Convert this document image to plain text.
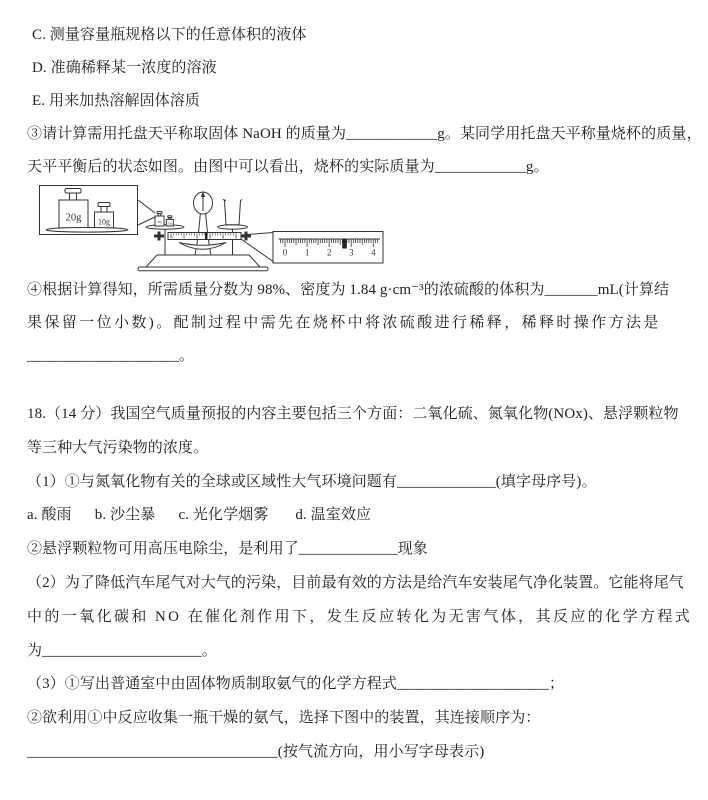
C. 测量容量瓶规格以下的任意体积的液体

D. 准确稀释某一浓度的溶液

E. 用来加热溶解固体溶质

③请计算需用托盘天平称取固体 NaOH 的质量为____________g。某同学用托盘天平称量烧杯的质量，

天平平衡后的状态如图。由图中可以看出，烧杯的实际质量为____________g。

20g 10g
0	1	2	3	4	5
20g 10g
0 1 2 3 4

④根据计算得知，所需质量分数为 98%、密度为 1.84 g·cm⁻³的浓硫酸的体积为_______mL(计算结

果保留一位小数)。配制过程中需先在烧杯中将浓硫酸进行稀释，稀释时操作方法是

____________________。

18.（14 分）我国空气质量预报的内容主要包括三个方面：二氧化硫、氮氧化物(NOx)、悬浮颗粒物

等三种大气污染物的浓度。

（1）①与氮氧化物有关的全球或区域性大气环境问题有_____________(填字母序号)。

a. 酸雨      b. 沙尘暴      c. 光化学烟雾       d. 温室效应

②悬浮颗粒物可用高压电除尘，是利用了_____________现象

（2）为了降低汽车尾气对大气的污染，目前最有效的方法是给汽车安装尾气净化装置。它能将尾气

中的一氧化碳和 NO 在催化剂作用下，发生反应转化为无害气体，其反应的化学方程式

为_____________________。

（3）①写出普通室中由固体物质制取氨气的化学方程式____________________；

②欲利用①中反应收集一瓶干燥的氨气，选择下图中的装置，其连接顺序为：

_________________________________(按气流方向，用小写字母表示)
